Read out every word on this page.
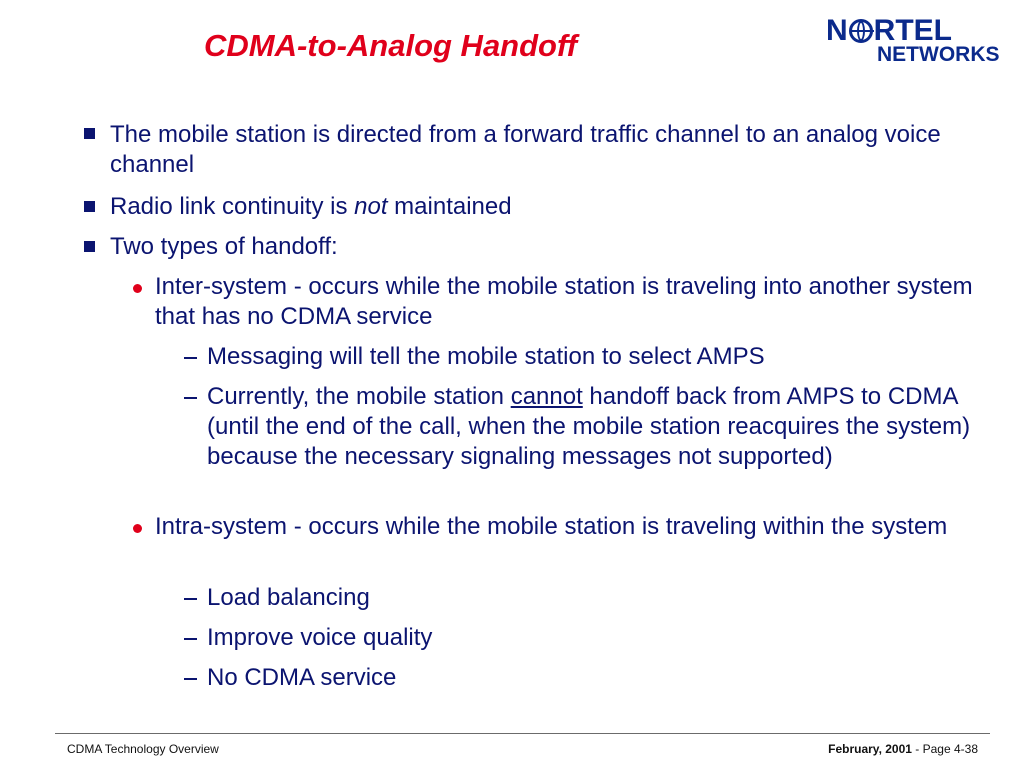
CDMA-to-Analog Handoff	N RTEL
NETWORKS
The mobile station is directed from a forward traffic channel to an analog voice channel
Radio link continuity is not maintained
Two types of handoff:
Inter-system - occurs while the mobile station is traveling into another system that has no CDMA service
Messaging will tell the mobile station to select AMPS
Currently, the mobile station cannot handoff back from AMPS to CDMA (until the end of the call, when the mobile station reacquires the system) because the necessary signaling messages not supported)
Intra-system - occurs while the mobile station is traveling within the system
Load balancing
Improve voice quality
No CDMA service
CDMA Technology Overview	February, 2001 - Page 4-38
